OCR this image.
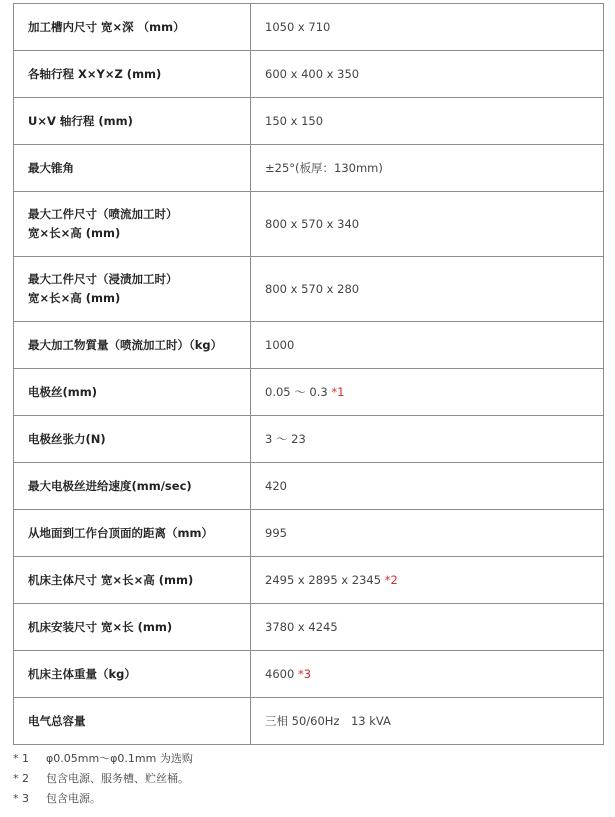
加工槽内尺寸 宽×深 （mm）	1050 x 710

各轴行程 X×Y×Z (mm)	600 x 400 x 350

U×V 轴行程 (mm)	150 x 150

最大锥角	±25°(板厚：130mm)

最大工件尺寸（喷流加工时）
宽×长×高 (mm)	800 x 570 x 340

最大工件尺寸（浸渍加工时）
宽×长×高 (mm)	800 x 570 x 280

最大加工物質量（喷流加工时）（kg）	1000

电极丝(mm)	0.05 ～ 0.3 *1

电极丝张力(N)	3 ～ 23

最大电极丝进给速度(mm/sec)	420

从地面到工作台顶面的距离（mm）	995

机床主体尺寸 宽×长×高 (mm)	2495 x 2895 x 2345 *2

机床安装尺寸 宽×长 (mm)	3780 x 4245

机床主体重量（kg）	4600 *3

电气总容量	三相 50/60Hz　13 kVA
* 1 φ0.05mm～φ0.1mm 为选购
* 2 包含电源、服务槽、贮丝桶。
* 3 包含电源。
